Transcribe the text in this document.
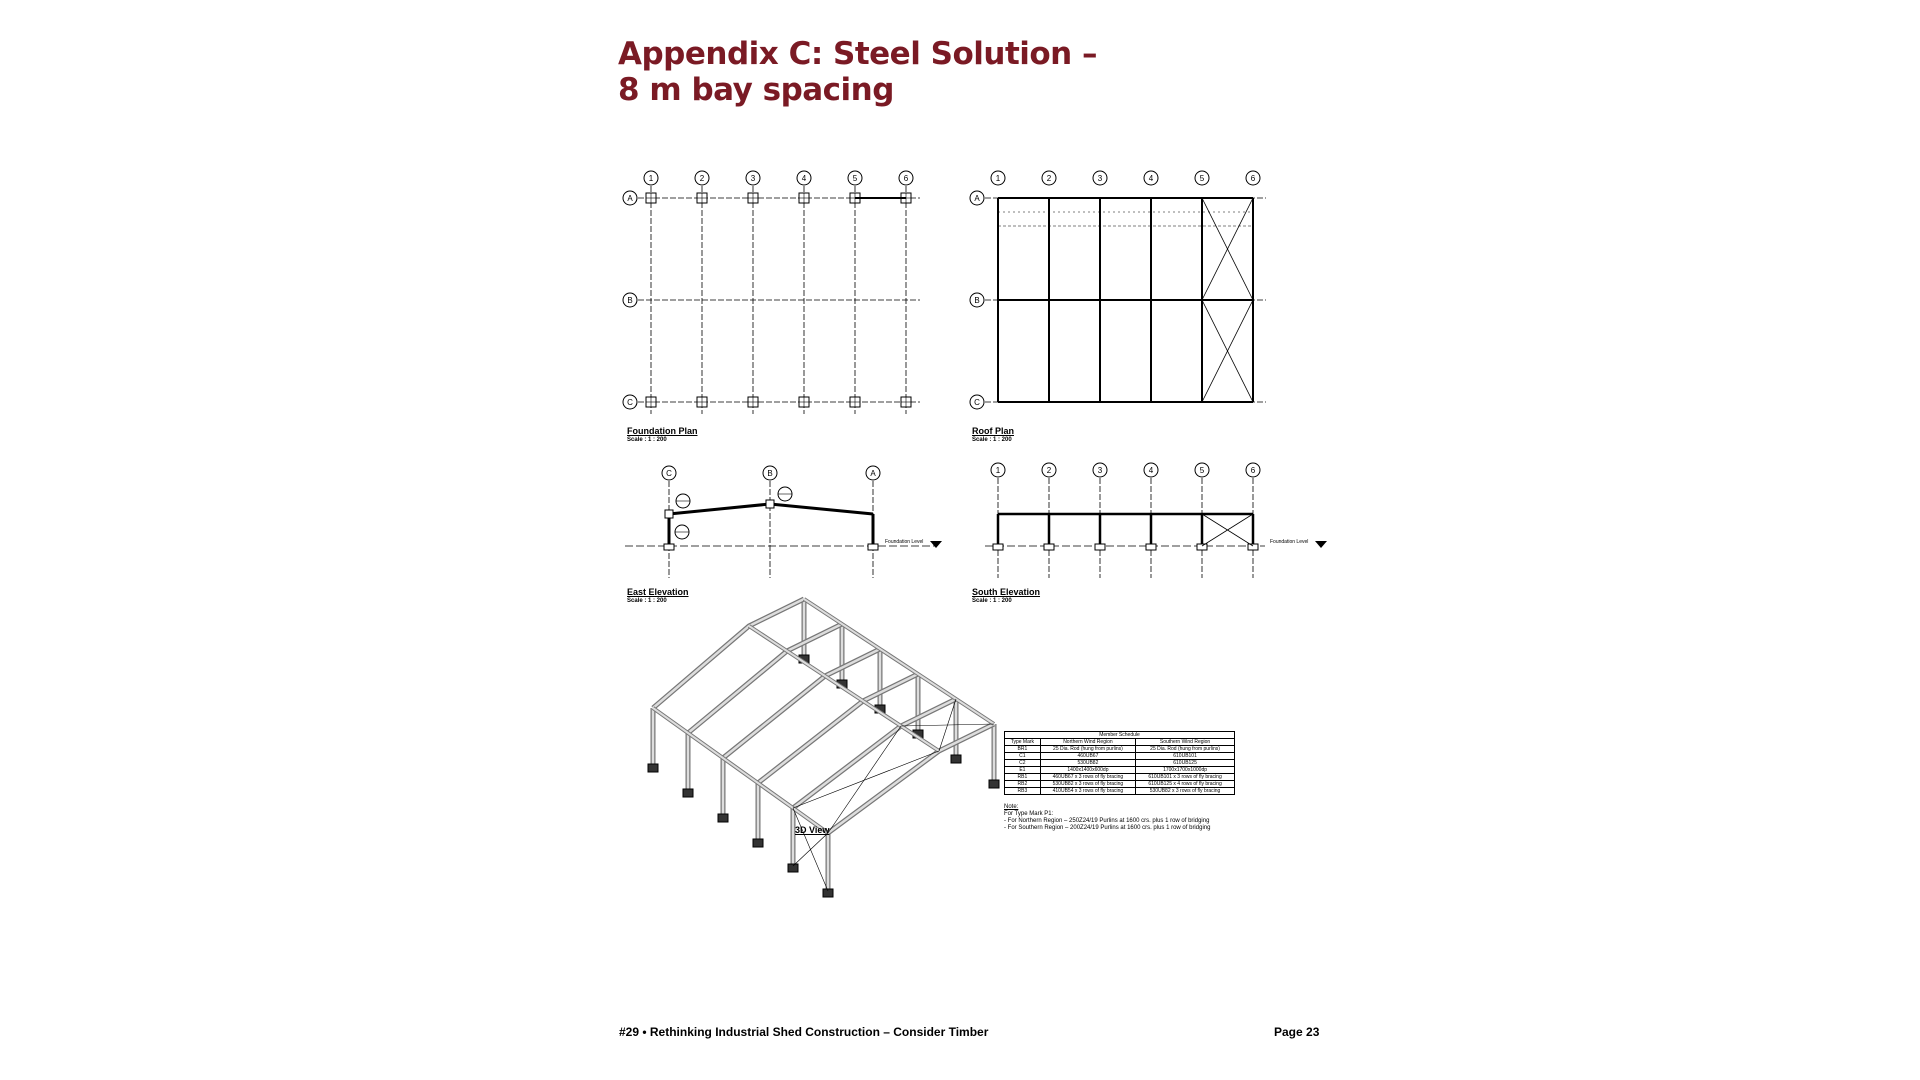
Appendix C: Steel Solution –
8 m bay spacing
1	2	3	4	5	6
A
B
C
1	2	3	4	5	6
A
B
C
C	B	A
Foundation Level
1	2	3	4	5	6
Foundation Level
Foundation Plan
Scale : 1 : 200
Roof Plan
Scale : 1 : 200
East Elevation
Scale : 1 : 200
South Elevation
Scale : 1 : 200
3D View
Member Schedule		
Type Mark	Northern Wind Region	Southern Wind Region
BR1	25 Dia. Rod (hung from purlins)	25 Dia. Rod (hung from purlins)
C1	460UB67	610UB101
C2	530UB82	610UB125
E1	1400x1400x600dp	1700x1700x1000dp
RB1	460UB67 x 3 rows of fly bracing	610UB101 x 3 rows of fly bracing
RB2	530UB82 x 3 rows of fly bracing	610UB125 x 4 rows of fly bracing
RB3	410UB54 x 3 rows of fly bracing	530UB82 x 3 rows of fly bracing
Note:
For Type Mark P1:
- For Northern Region – 250Z24/19 Purlins at 1600 crs. plus 1 row of bridging
- For Southern Region – 200Z24/19 Purlins at 1600 crs. plus 1 row of bridging
#29 • Rethinking Industrial Shed Construction – Consider Timber	Page 23
